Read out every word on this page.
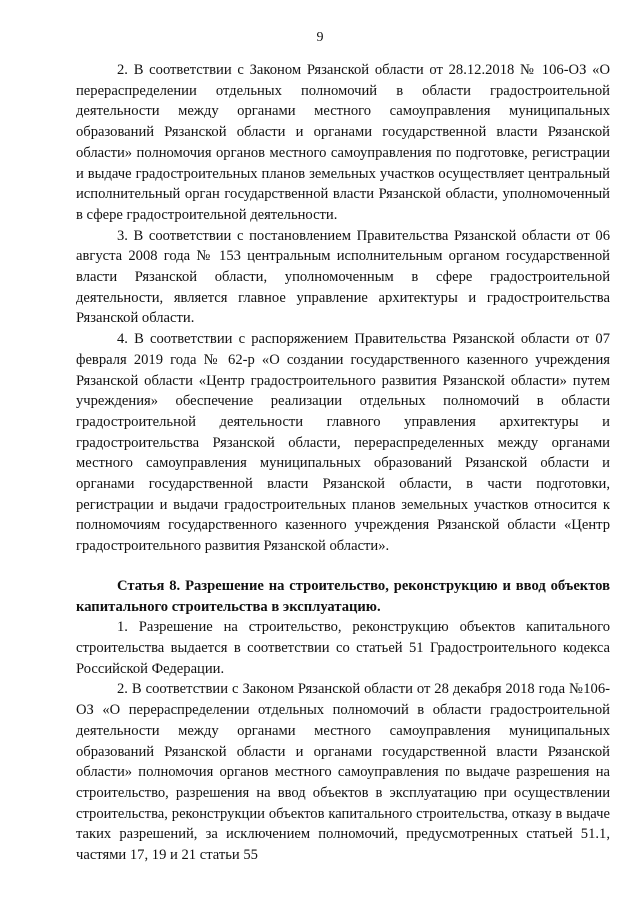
9

2. В соответствии с Законом Рязанской области от 28.12.2018 № 106-ОЗ «О перераспределении отдельных полномочий в области градостроительной деятельности между органами местного самоуправления муниципальных образований Рязанской области и органами государственной власти Рязанской области» полномочия органов местного самоуправления по подготовке, регистрации и выдаче градостроительных планов земельных участков осуществляет центральный исполнительный орган государственной власти Рязанской области, уполномоченный в сфере градостроительной деятельности.

3. В соответствии с постановлением Правительства Рязанской области от 06 августа 2008 года № 153 центральным исполнительным органом государственной власти Рязанской области, уполномоченным в сфере градостроительной деятельности, является главное управление архитектуры и градостроительства Рязанской области.

4. В соответствии с распоряжением Правительства Рязанской области от 07 февраля 2019 года № 62-р «О создании государственного казенного учреждения Рязанской области «Центр градостроительного развития Рязанской области» путем учреждения» обеспечение реализации отдельных полномочий в области градостроительной деятельности главного управления архитектуры и градостроительства Рязанской области, перераспределенных между органами местного самоуправления муниципальных образований Рязанской области и органами государственной власти Рязанской области, в части подготовки, регистрации и выдачи градостроительных планов земельных участков относится к полномочиям государственного казенного учреждения Рязанской области «Центр градостроительного развития Рязанской области».

Статья 8. Разрешение на строительство, реконструкцию и ввод объектов капитального строительства в эксплуатацию.

1. Разрешение на строительство, реконструкцию объектов капитального строительства выдается в соответствии со статьей 51 Градостроительного кодекса Российской Федерации.

2. В соответствии с Законом Рязанской области от 28 декабря 2018 года №106-ОЗ «О перераспределении отдельных полномочий в области градостроительной деятельности между органами местного самоуправления муниципальных образований Рязанской области и органами государственной власти Рязанской области» полномочия органов местного самоуправления по выдаче разрешения на строительство, разрешения на ввод объектов в эксплуатацию при осуществлении строительства, реконструкции объектов капитального строительства, отказу в выдаче таких разрешений, за исключением полномочий, предусмотренных статьей 51.1, частями 17, 19 и 21 статьи 55
